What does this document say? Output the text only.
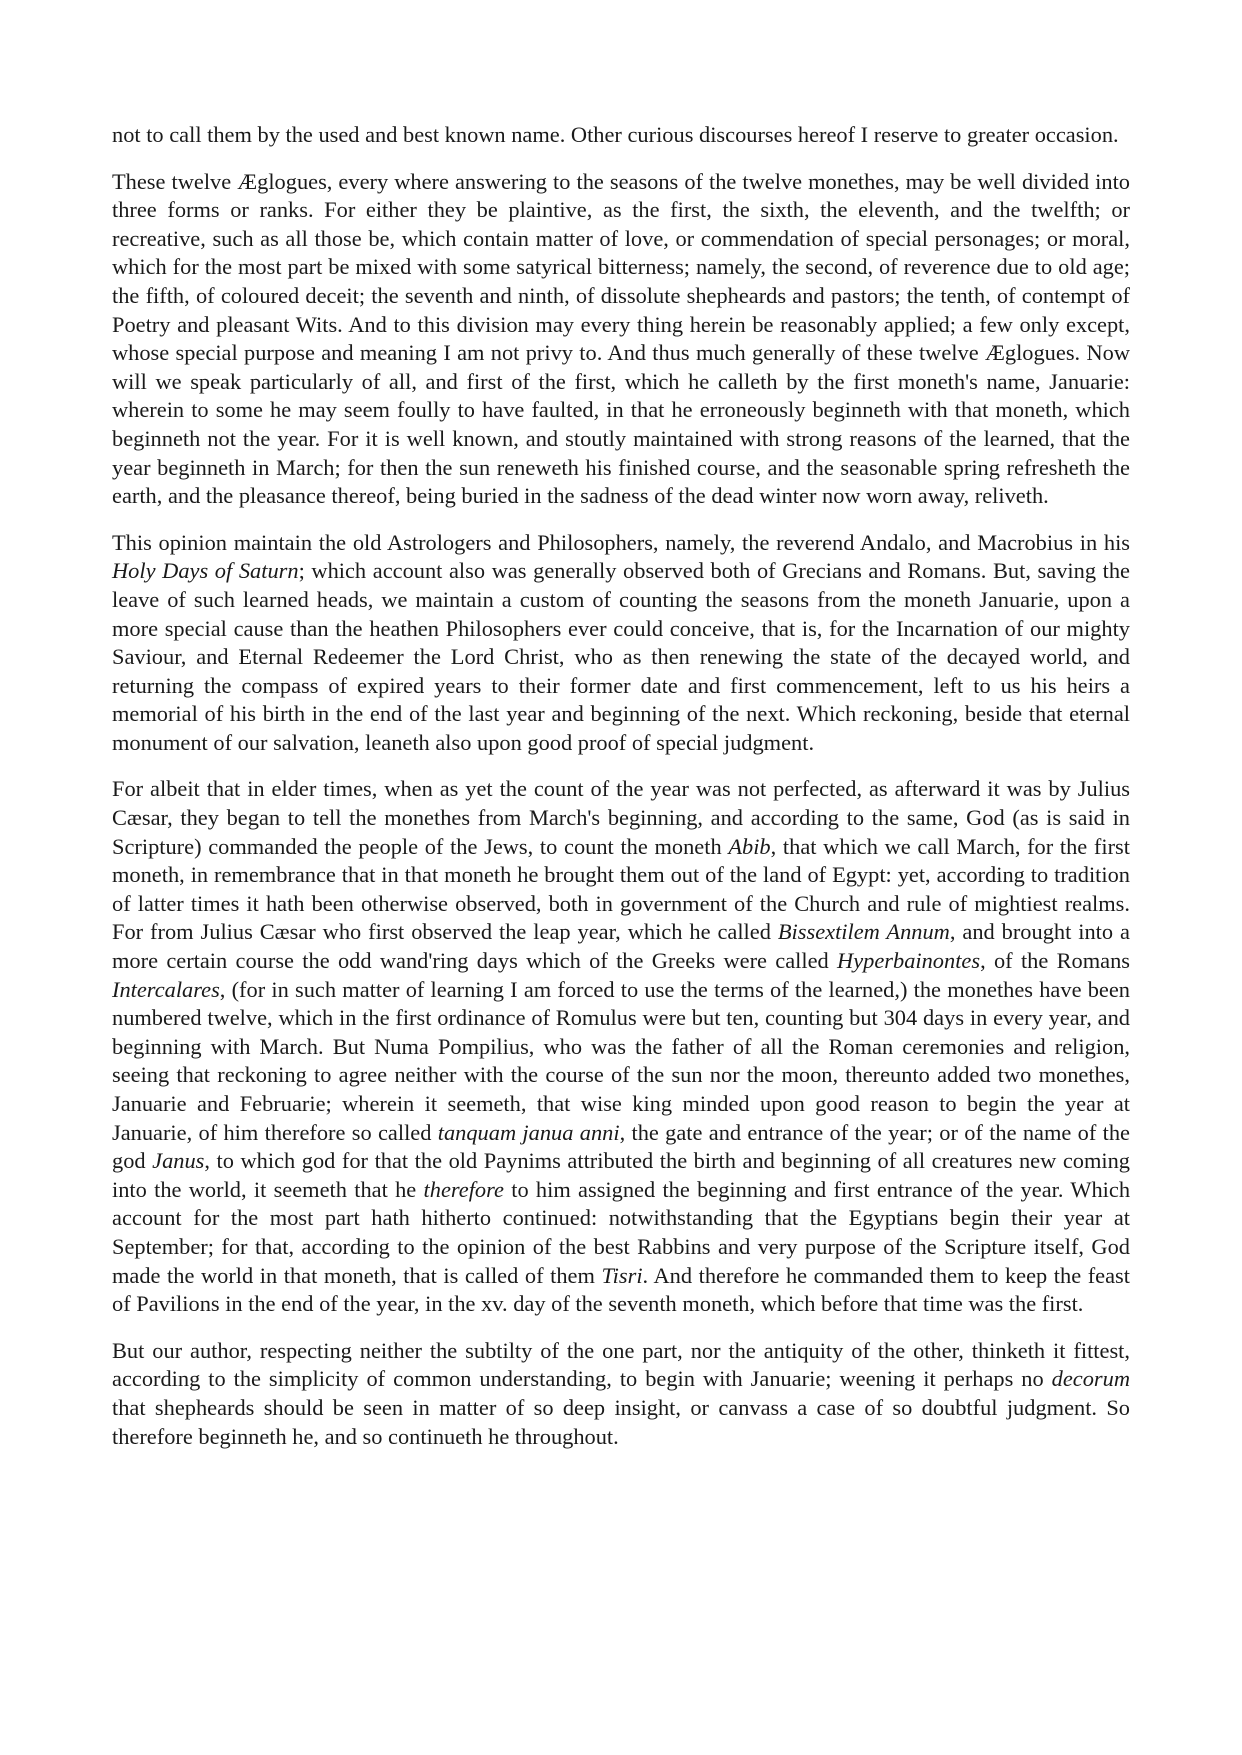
not to call them by the used and best known name. Other curious discourses hereof I reserve to greater occasion.

These twelve Æglogues, every where answering to the seasons of the twelve monethes, may be well divided into three forms or ranks. For either they be plaintive, as the first, the sixth, the eleventh, and the twelfth; or recreative, such as all those be, which contain matter of love, or commendation of special personages; or moral, which for the most part be mixed with some satyrical bitterness; namely, the second, of reverence due to old age; the fifth, of coloured deceit; the seventh and ninth, of dissolute shepheards and pastors; the tenth, of contempt of Poetry and pleasant Wits. And to this division may every thing herein be reasonably applied; a few only except, whose special purpose and meaning I am not privy to. And thus much generally of these twelve Æglogues. Now will we speak particularly of all, and first of the first, which he calleth by the first moneth's name, Januarie: wherein to some he may seem foully to have faulted, in that he erroneously beginneth with that moneth, which beginneth not the year. For it is well known, and stoutly maintained with strong reasons of the learned, that the year beginneth in March; for then the sun reneweth his finished course, and the seasonable spring refresheth the earth, and the pleasance thereof, being buried in the sadness of the dead winter now worn away, reliveth.

This opinion maintain the old Astrologers and Philosophers, namely, the reverend Andalo, and Macrobius in his Holy Days of Saturn; which account also was generally observed both of Grecians and Romans. But, saving the leave of such learned heads, we maintain a custom of counting the seasons from the moneth Januarie, upon a more special cause than the heathen Philosophers ever could conceive, that is, for the Incarnation of our mighty Saviour, and Eternal Redeemer the Lord Christ, who as then renewing the state of the decayed world, and returning the compass of expired years to their former date and first commencement, left to us his heirs a memorial of his birth in the end of the last year and beginning of the next. Which reckoning, beside that eternal monument of our salvation, leaneth also upon good proof of special judgment.

For albeit that in elder times, when as yet the count of the year was not perfected, as afterward it was by Julius Cæsar, they began to tell the monethes from March's beginning, and according to the same, God (as is said in Scripture) commanded the people of the Jews, to count the moneth Abib, that which we call March, for the first moneth, in remembrance that in that moneth he brought them out of the land of Egypt: yet, according to tradition of latter times it hath been otherwise observed, both in government of the Church and rule of mightiest realms. For from Julius Cæsar who first observed the leap year, which he called Bissextilem Annum, and brought into a more certain course the odd wand'ring days which of the Greeks were called Hyperbainontes, of the Romans Intercalares, (for in such matter of learning I am forced to use the terms of the learned,) the monethes have been numbered twelve, which in the first ordinance of Romulus were but ten, counting but 304 days in every year, and beginning with March. But Numa Pompilius, who was the father of all the Roman ceremonies and religion, seeing that reckoning to agree neither with the course of the sun nor the moon, thereunto added two monethes, Januarie and Februarie; wherein it seemeth, that wise king minded upon good reason to begin the year at Januarie, of him therefore so called tanquam janua anni, the gate and entrance of the year; or of the name of the god Janus, to which god for that the old Paynims attributed the birth and beginning of all creatures new coming into the world, it seemeth that he therefore to him assigned the beginning and first entrance of the year. Which account for the most part hath hitherto continued: notwithstanding that the Egyptians begin their year at September; for that, according to the opinion of the best Rabbins and very purpose of the Scripture itself, God made the world in that moneth, that is called of them Tisri. And therefore he commanded them to keep the feast of Pavilions in the end of the year, in the xv. day of the seventh moneth, which before that time was the first.

But our author, respecting neither the subtilty of the one part, nor the antiquity of the other, thinketh it fittest, according to the simplicity of common understanding, to begin with Januarie; weening it perhaps no decorum that shepheards should be seen in matter of so deep insight, or canvass a case of so doubtful judgment. So therefore beginneth he, and so continueth he throughout.
